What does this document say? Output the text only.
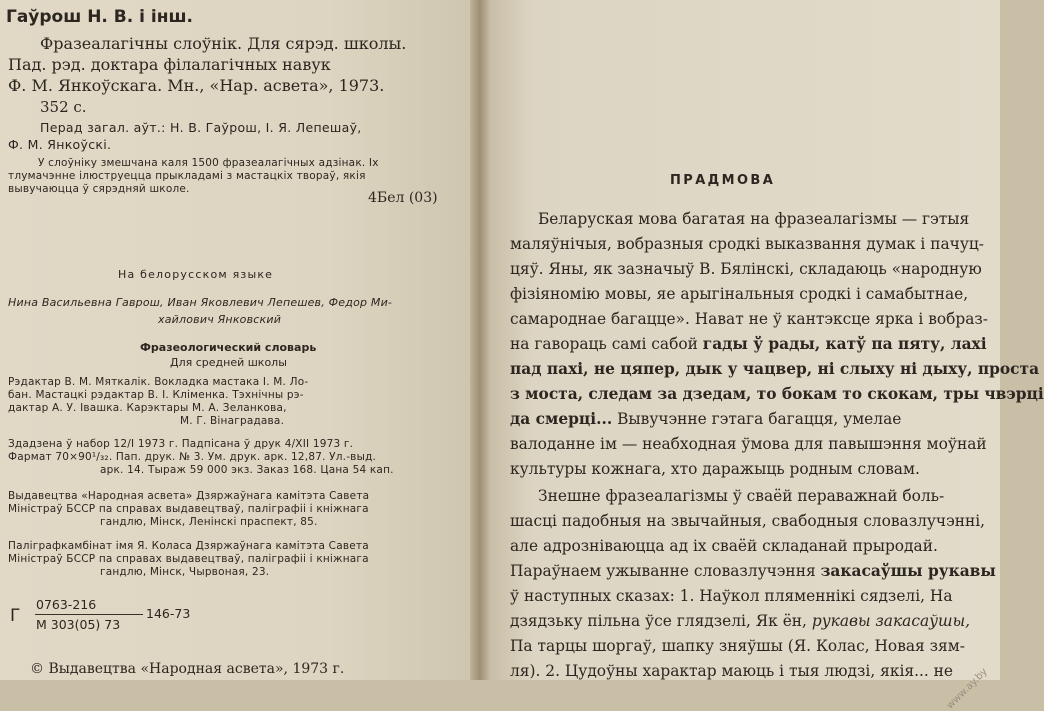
Гаўрош Н. В. і інш.
Фразеалагічны слоўнік. Для сярэд. школы.
Пад. рэд. доктара філалагічных навук
Ф. М. Янкоўскага. Мн., «Нар. асвета», 1973.
352 с.
Перад загал. аўт.: Н. В. Гаўрош, І. Я. Лепешаў,
Ф. М. Янкоўскі.
У слоўніку змешчана каля 1500 фразеалагічных адзінак. Іх
тлумачэнне ілюструецца прыкладамі з мастацкіх твораў, якія
вывучаюцца ў сярэдняй школе.
4Бел (03)
На белорусском языке
Нина Васильевна Гаврош, Иван Яковлевич Лепешев, Федор Ми-
хайлович Янковский
Фразеологический словарь
Для средней школы
Рэдактар В. М. Мяткалік. Вокладка мастака І. М. Ло-
бан. Мастацкі рэдактар В. І. Кліменка. Тэхнічны рэ-
дактар А. У. Івашка. Карэктары М. А. Зеланкова,
М. Г. Вінаградава.
Здадзена ў набор 12/І 1973 г. Падпісана ў друк 4/ХІІ 1973 г.
Фармат 70×90¹/₃₂. Пап. друк. № 3. Ум. друк. арк. 12,87. Ул.-выд.
арк. 14. Тыраж 59 000 экз. Заказ 168. Цана 54 кап.
Выдавецтва «Народная асвета» Дзяржаўнага камітэта Савета
Міністраў БССР па справах выдавецтваў, паліграфіі і кніжнага
гандлю, Мінск, Ленінскі праспект, 85.
Паліграфкамбінат імя Я. Коласа Дзяржаўнага камітэта Савета
Міністраў БССР па справах выдавецтваў, паліграфіі і кніжнага
гандлю, Мінск, Чырвоная, 23.
Г
0763-216
М 303(05) 73
146-73
© Выдавецтва «Народная асвета», 1973 г.
ПРАДМОВА
Беларуская мова багатая на фразеалагізмы — гэтыя
маляўнічыя, вобразныя сродкі выказвання думак і пачуц-
цяў. Яны, як зазначыў В. Бялінскі, складаюць «народную
фізіяномію мовы, яе арыгінальныя сродкі і самабытнае,
самароднае багацце». Нават не ў кантэксце ярка і вобраз-
на гавораць самі сабой гады ў рады, катў па пяту, лахі
пад пахі, не цяпер, дык у чацвер, ні слыху ні дыху, проста
з моста, следам за дзедам, то бокам то скокам, тры чвэрці
да смерці... Вывучэнне гэтага багацця, умелае
валоданне ім — неабходная ўмова для павышэння моўнай
культуры кожнага, хто даражыць родным словам.
Знешне фразеалагізмы ў сваёй пераважнай боль-
шасці падобныя на звычайныя, свабодныя словазлучэнні,
але адрозніваюцца ад іх сваёй складанай прыродай.
Параўнаем ужыванне словазлучэння закасаўшы рукавы
ў наступных сказах: 1. Наўкол пляменнікі сядзелі, На
дзядзьку пільна ўсе глядзелі, Як ён, рукавы закасаўшы,
Па тарцы шоргаў, шапку зняўшы (Я. Колас, Новая зям-
ля). 2. Цудоўны характар маюць і тыя людзі, якія... не
www.ay.by
